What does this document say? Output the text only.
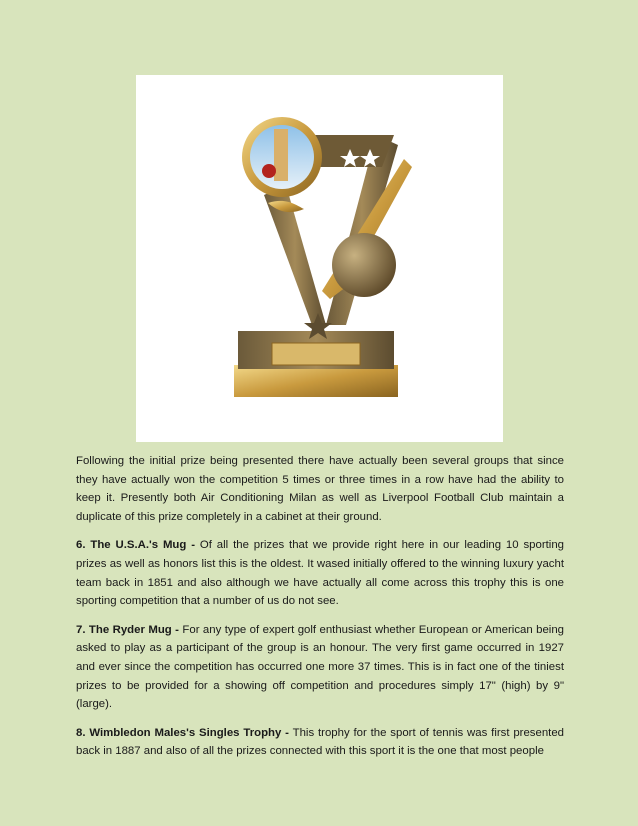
Following the initial prize being presented there have actually been several groups that since they have actually won the competition 5 times or three times in a row have had the ability to keep it. Presently both Air Conditioning Milan as well as Liverpool Football Club maintain a duplicate of this prize completely in a cabinet at their ground.

6. The U.S.A.'s Mug - Of all the prizes that we provide right here in our leading 10 sporting prizes as well as honors list this is the oldest. It wased initially offered to the winning luxury yacht team back in 1851 and also although we have actually all come across this trophy this is one sporting competition that a number of us do not see.

7. The Ryder Mug - For any type of expert golf enthusiast whether European or American being asked to play as a participant of the group is an honour. The very first game occurred in 1927 and ever since the competition has occurred one more 37 times. This is in fact one of the tiniest prizes to be provided for a showing off competition and procedures simply 17" (high) by 9" (large).

8. Wimbledon Males's Singles Trophy - This trophy for the sport of tennis was first presented back in 1887 and also of all the prizes connected with this sport it is the one that most people
